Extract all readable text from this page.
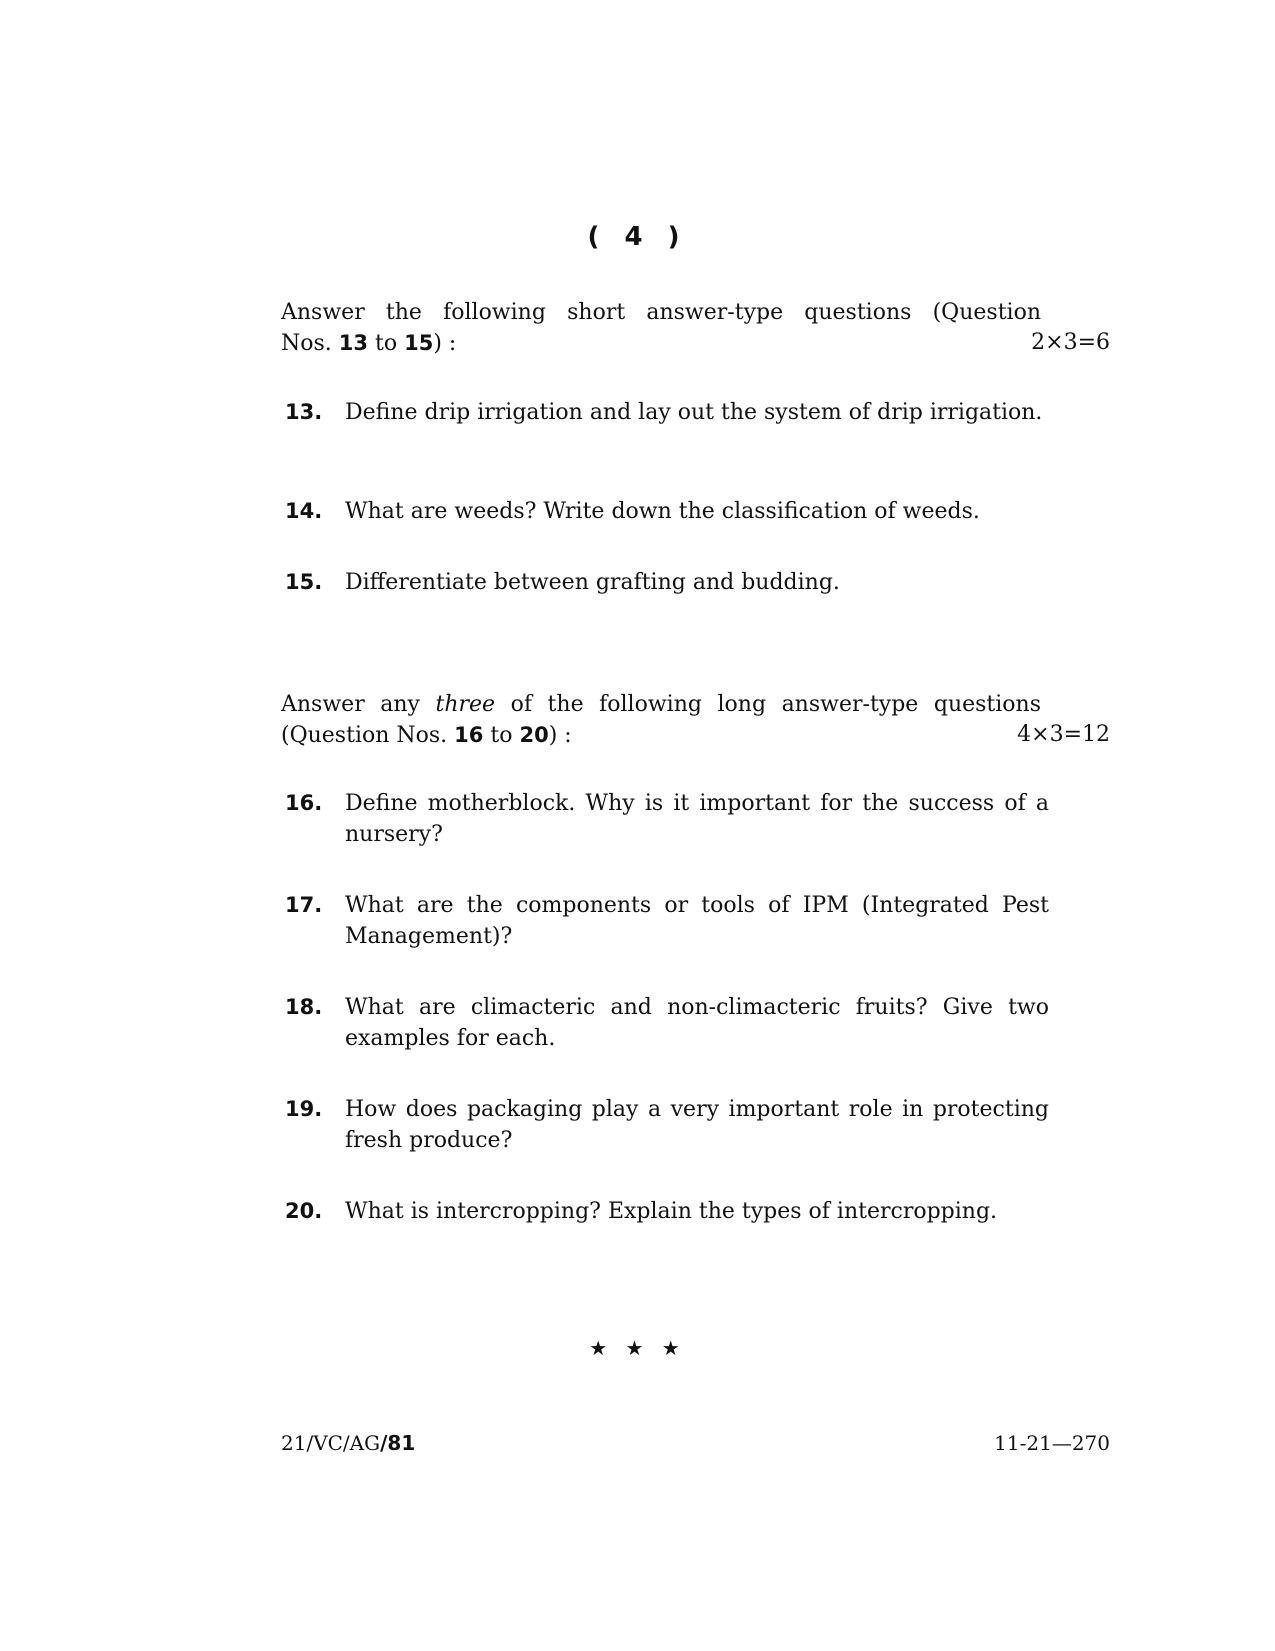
( 4 )
Answer the following short answer-type questions (Question
Nos. 13 to 15) :	2×3=6
13.	Define drip irrigation and lay out the system of drip irrigation.
14.	What are weeds? Write down the classification of weeds.
15.	Differentiate between grafting and budding.
Answer any three of the following long answer-type questions
(Question Nos. 16 to 20) :	4×3=12
16.	Define motherblock. Why is it important for the success of a nursery?
17.	What are the components or tools of IPM (Integrated Pest Management)?
18.	What are climacteric and non-climacteric fruits? Give two examples for each.
19.	How does packaging play a very important role in protecting fresh produce?
20.	What is intercropping? Explain the types of intercropping.
★ ★ ★
21/VC/AG/81	11-21—270
